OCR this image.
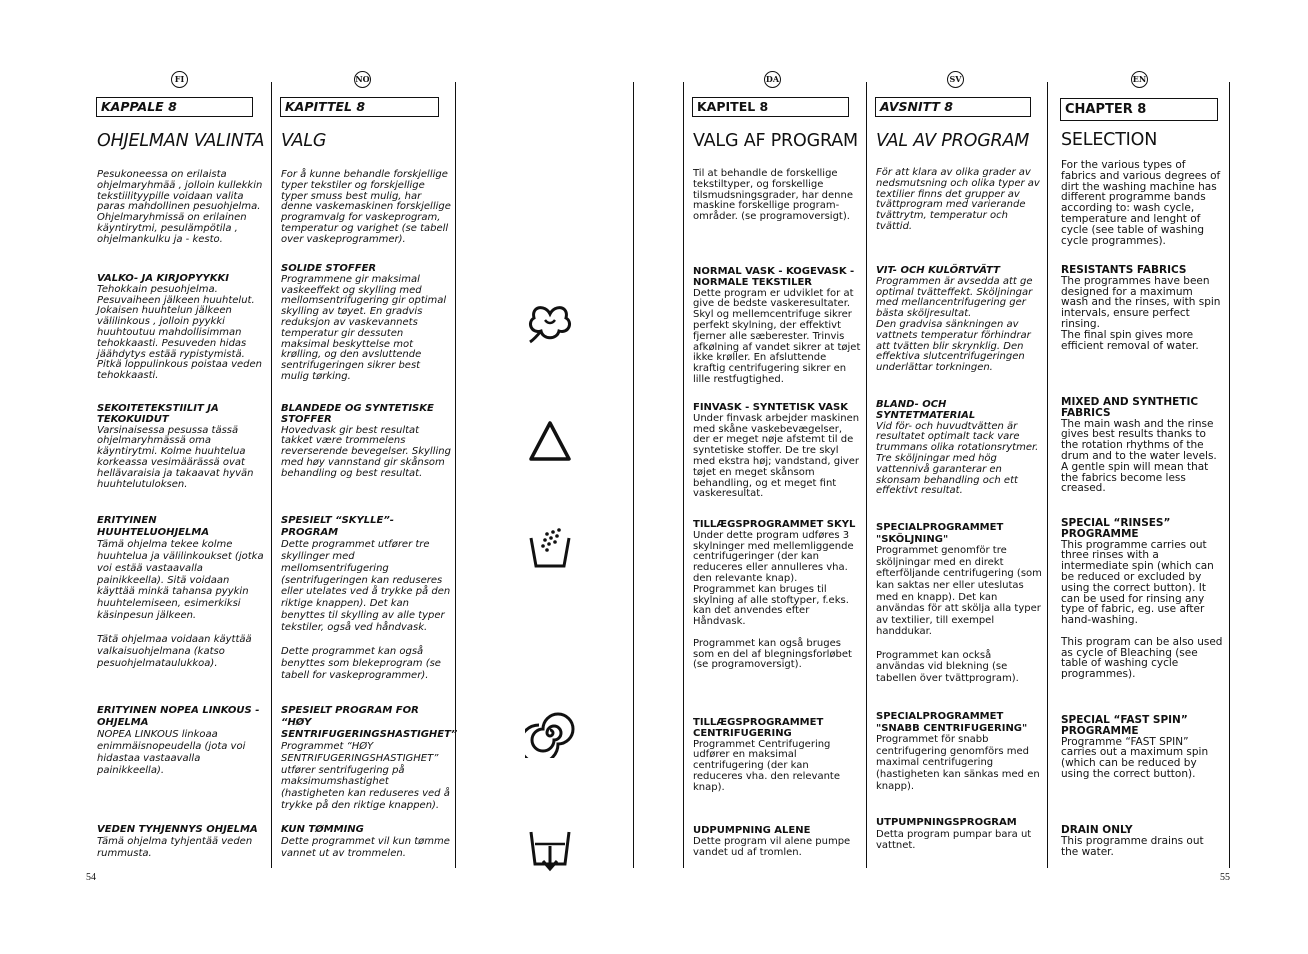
FI
KAPPALE 8
OHJELMAN VALINTA

Pesukoneessa on erilaista ohjelmaryhmää , jolloin kullekkin tekstiilityypille voidaan valita paras mahdollinen pesuohjelma. Ohjelmaryhmissä on erilainen käyntirytmi, pesulämpötila , ohjelmankulku ja - kesto.

VALKO- JA KIRJOPYYKKI
Tehokkain pesuohjelma. Pesuvaiheen jälkeen huuhtelut. Jokaisen huuhtelun jälkeen välilinkous , jolloin pyykki huuhtoutuu mahdollisimman tehokkaasti. Pesuveden hidas jäähdytys estää rypistymistä. Pitkä loppulinkous poistaa veden tehokkaasti.
SEKOITETEKSTIILIT JA TEKOKUIDUT
Varsinaisessa pesussa tässä ohjelmaryhmässä oma käyntirytmi. Kolme huuhtelua korkeassa vesimäärässä ovat hellävaraisia ja takaavat hyvän huuhtelutuloksen.
ERITYINEN HUUHTELUOHJELMA
Tämä ohjelma tekee kolme huuhtelua ja välilinkoukset (jotka voi estää vastaavalla painikkeella). Sitä voidaan käyttää minkä tahansa pyykin huuhtelemiseen, esimerkiksi käsinpesun jälkeen.

Tätä ohjelmaa voidaan käyttää valkaisuohjelmana (katso pesuohjelmataulukkoa).
ERITYINEN NOPEA LINKOUS - OHJELMA
NOPEA LINKOUS linkoaa enimmäisnopeudella (jota voi hidastaa vastaavalla painikkeella).
VEDEN TYHJENNYS OHJELMA
Tämä ohjelma tyhjentää veden rummusta.
NO
KAPITTEL 8
VALG

For å kunne behandle forskjellige typer tekstiler og forskjellige typer smuss best mulig, har denne vaskemaskinen forskjellige programvalg for vaskeprogram, temperatur og varighet (se tabell over vaskeprogrammer).

SOLIDE STOFFER
Programmene gir maksimal vaskeeffekt og skylling med mellomsentrifugering gir optimal skylling av tøyet. En gradvis reduksjon av vaskevannets temperatur gir dessuten maksimal beskyttelse mot krølling, og den avsluttende sentrifugeringen sikrer best mulig tørking.
BLANDEDE OG SYNTETISKE STOFFER
Hovedvask gir best resultat takket være trommelens reverserende bevegelser. Skylling med høy vannstand gir skånsom behandling og best resultat.
SPESIELT “SKYLLE”-PROGRAM
Dette programmet utfører tre skyllinger med mellomsentrifugering (sentrifugeringen kan reduseres eller utelates ved å trykke på den riktige knappen). Det kan benyttes til skylling av alle typer tekstiler, også ved håndvask.

Dette programmet kan også benyttes som blekeprogram (se tabell for vaskeprogrammer).
SPESIELT PROGRAM FOR “HØY SENTRIFUGERINGSHASTIGHET”
Programmet “HØY SENTRIFUGERINGSHASTIGHET” utfører sentrifugering på maksimumshastighet (hastigheten kan reduseres ved å trykke på den riktige knappen).
KUN TØMMING
Dette programmet vil kun tømme vannet ut av trommelen.
DA
KAPITEL 8
VALG AF PROGRAM

Til at behandle de forskellige tekstiltyper, og forskellige tilsmudsningsgrader, har denne maskine forskellige program- områder. (se programoversigt).

NORMAL VASK - KOGEVASK - NORMALE TEKSTILER
Dette program er udviklet for at give de bedste vaskeresultater. Skyl og mellemcentrifuge sikrer perfekt skylning, der effektivt fjerner alle sæberester. Trinvis afkølning af vandet sikrer at tøjet ikke krøller. En afsluttende kraftig centrifugering sikrer en lille restfugtighed.
FINVASK - SYNTETISK VASK
Under finvask arbejder maskinen med skåne vaskebevægelser, der er meget nøje afstemt til de syntetiske stoffer. De tre skyl med ekstra høj; vandstand, giver tøjet en meget skånsom behandling, og et meget fint vaskeresultat.
TILLÆGSPROGRAMMET SKYL
Under dette program udføres 3 skylninger med mellemliggende centrifugeringer (der kan reduceres eller annulleres vha. den relevante knap). Programmet kan bruges til skylning af alle stoftyper, f.eks. kan det anvendes efter Håndvask.

Programmet kan også bruges som en del af blegningsforløbet (se programoversigt).
TILLÆGSPROGRAMMET CENTRIFUGERING
Programmet Centrifugering udfører en maksimal centrifugering (der kan reduceres vha. den relevante knap).
UDPUMPNING ALENE
Dette program vil alene pumpe vandet ud af tromlen.
SV
AVSNITT 8
VAL AV PROGRAM

För att klara av olika grader av nedsmutsning och olika typer av textilier finns det grupper av tvättprogram med varierande tvättrytm, temperatur och tvättid.

VIT- OCH KULÖRTVÄTT
Programmen är avsedda att ge optimal tvätteffekt. Sköljningar med mellancentrifugering ger bästa sköljresultat.
Den gradvisa sänkningen av vattnets temperatur förhindrar att tvätten blir skrynklig. Den effektiva slutcentrifugeringen underlättar torkningen.
BLAND- OCH SYNTETMATERIAL
Vid för- och huvudtvätten är resultatet optimalt tack vare trummans olika rotationsrytmer. Tre sköljningar med hög vattennivå garanterar en skonsam behandling och ett effektivt resultat.
SPECIALPROGRAMMET "SKÖLJNING"
Programmet genomför tre sköljningar med en direkt efterföljande centrifugering (som kan saktas ner eller uteslutas med en knapp). Det kan användas för att skölja alla typer av textilier, till exempel handdukar.

Programmet kan också användas vid blekning (se tabellen över tvättprogram).
SPECIALPROGRAMMET "SNABB CENTRIFUGERING"
Programmet för snabb centrifugering genomförs med maximal centrifugering (hastigheten kan sänkas med en knapp).
UTPUMPNINGSPROGRAM
Detta program pumpar bara ut vattnet.
EN
CHAPTER 8
SELECTION

For the various types of fabrics and various degrees of dirt the washing machine has different programme bands according to: wash cycle, temperature and lenght of cycle (see table of washing cycle programmes).

RESISTANTS FABRICS
The programmes have been designed for a maximum wash and the rinses, with spin intervals, ensure perfect rinsing.
The final spin gives more efficient removal of water.
MIXED AND SYNTHETIC FABRICS
The main wash and the rinse gives best results thanks to the rotation rhythms of the drum and to the water levels.
A gentle spin will mean that the fabrics become less creased.
SPECIAL “RINSES” PROGRAMME
This programme carries out three rinses with a intermediate spin (which can be reduced or excluded by using the correct button). It can be used for rinsing any type of fabric, eg. use after hand-washing.

This program can be also used as cycle of Bleaching (see table of washing cycle programmes).
SPECIAL “FAST SPIN” PROGRAMME
Programme “FAST SPIN” carries out a maximum spin (which can be reduced by using the correct button).
DRAIN ONLY
This programme drains out the water.
54	55
